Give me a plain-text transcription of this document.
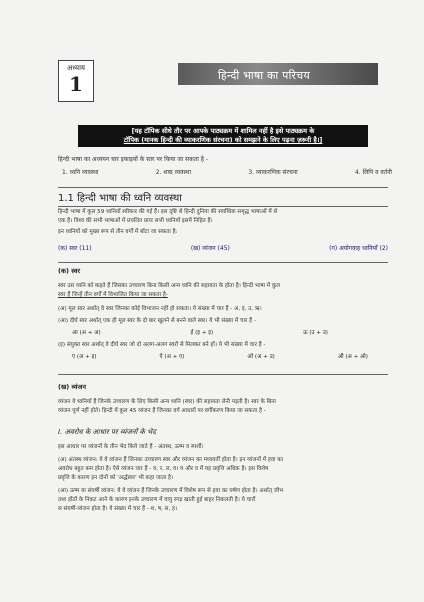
अध्याय
1	हिन्दी भाषा का परिचय
[यह टॉपिक सीधे तौर पर आपके पाठ्यक्रम में शामिल नहीं है इसे पाठ्यक्रम के
टॉपिक (मानक हिन्दी की व्याकरणिक संरचना) को समझने के लिए पढ़ना ज़रूरी है।]
हिन्दी भाषा का अध्ययन चार इकाइयों के स्तर पर किया जा सकता है -
1. ध्वनि व्यवस्था	2. शब्द व्यवस्था	3. व्याकरणिक संरचना	4. लिपि व वर्तनी
1.1 हिन्दी भाषा की ध्वनि व्यवस्था
हिन्दी भाषा में कुल 59 ध्वनियाँ स्वीकार की गई हैं। इस दृष्टि से हिन्दी दुनिया की सर्वाधिक समृद्ध भाषाओं में से
एक है। विश्व की सभी भाषाओं में प्रचलित प्रायः सभी ध्वनियाँ इसमें निहित हैं।
इन ध्वनियों को मुख्य रूप से तीन वर्गों में बाँटा जा सकता है:
(क) स्वर (11)	(ख) व्यंजन (45)	(ग) अयोगवाह ध्वनियाँ (2)
(क) स्वर
स्वर उस ध्वनि को कहते हैं जिसका उच्चारण बिना किसी अन्य ध्वनि की सहायता के होता है। हिन्दी भाषा में कुल
स्वर हैं जिन्हें तीन वर्गों में विभाजित किया जा सकता है-
(अ) मूल स्वर अर्थात् वे स्वर जिनका कोई विभाजन नहीं हो सकता। ये संख्या में चार हैं - अ, इ, उ, ऋ।
(आ) दीर्घ स्वर अर्थात् एक ही मूल स्वर के दो बार खुलने से बनने वाले स्वर। ये भी संख्या में चार हैं -
आ (अ + अ)	ई (इ + इ)	ऊ (उ + उ)
(इ) संयुक्त स्वर अर्थात् वे दीर्घ स्वर जो दो अलग-अलग स्वरों से मिलकर बने हों। ये भी संख्या में चार हैं -
ए (अ + इ)	ऐ (अ + ए)	ओ (अ + उ)	औ (अ + ओ)
(ख) व्यंजन
व्यंजन वे ध्वनियाँ हैं जिनके उच्चारण के लिए किसी अन्य ध्वनि (स्वर) की सहायता लेनी पड़ती है। स्वर के बिना
व्यंजन पूर्ण नहीं होते। हिन्दी में कुल 45 व्यंजन हैं जिनका वर्ग आधारों पर वर्गीकरण किया जा सकता है -
I. अवरोध के आधार पर व्यंजनों के भेद
इस आधार पर व्यंजनों के तीन भेद किये जाते हैं - अंतस्थ, ऊष्म व स्पर्शी।
(अ) अंतस्थ व्यंजन: ये वे व्यंजन हैं जिनका उच्चारण स्वर और व्यंजन का मध्यवर्ती होता है। इन व्यंजनों में हवा का
अवरोध बहुत कम होता है। ऐसे व्यंजन चार हैं - य, र, ल, व। य और व में यह प्रवृत्ति अधिक है। इस विशेष
प्रवृत्ति के कारण इन दोनों को 'अर्द्धस्वर' भी कहा जाता है।
(आ) ऊष्म या संघर्षी व्यंजन: ये वे व्यंजन हैं जिनके उच्चारण में विशेष रूप से हवा का घर्षण होता है। अर्थात् जीभ
तथा होंठों के निकट आने के कारण इनके उच्चारण में वायु रगड़ खाती हुई बाहर निकलती है। ये चारों
स संघर्षी-व्यंजन होता है। ये संख्या में चार हैं - श, ष, स, ह।
